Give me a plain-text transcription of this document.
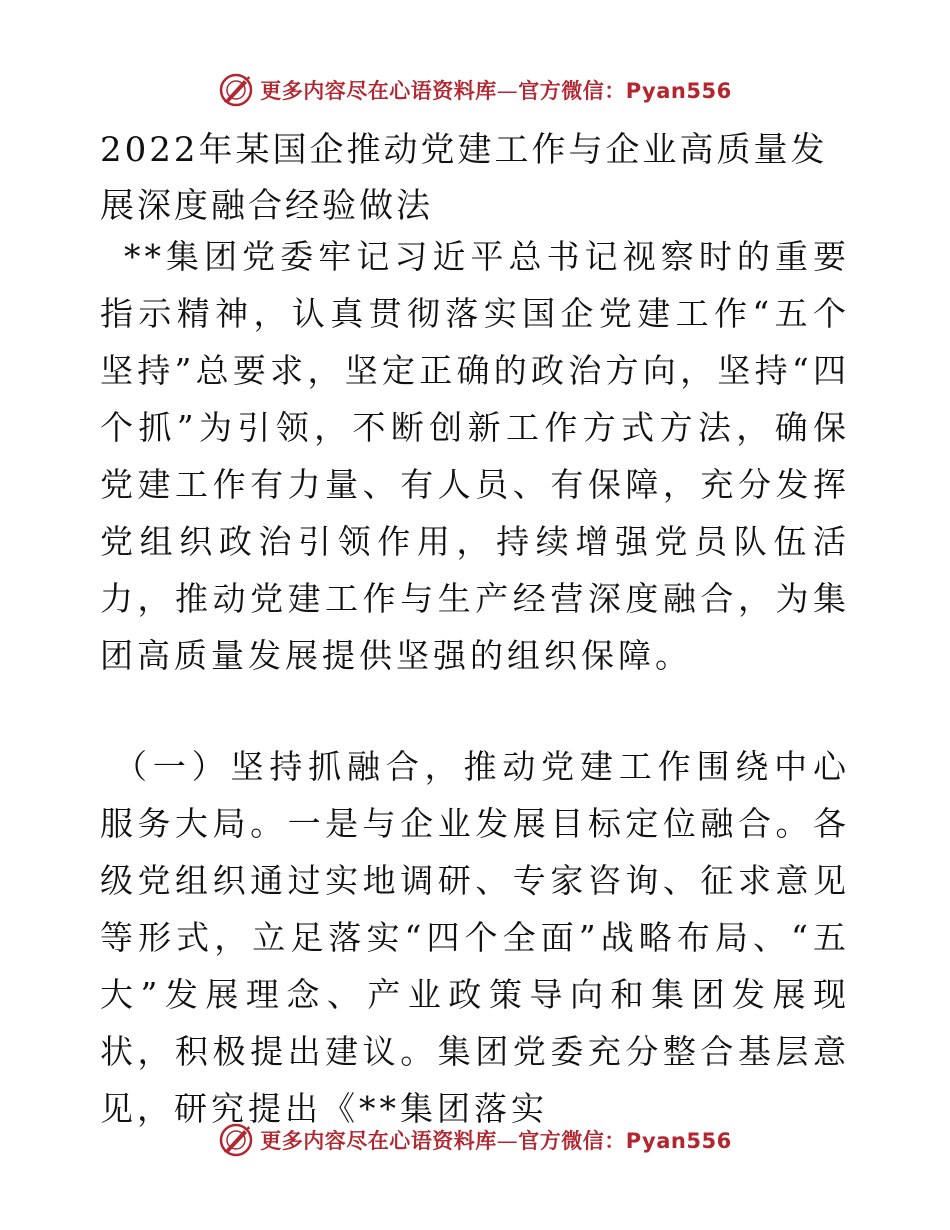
更多内容尽在心语资料库—官方微信：Pyan556
2022年某国企推动党建工作与企业高质量发展深度融合经验做法

**集团党委牢记习近平总书记视察时的重要指示精神，认真贯彻落实国企党建工作“五个坚持”总要求，坚定正确的政治方向，坚持“四个抓”为引领，不断创新工作方式方法，确保党建工作有力量、有人员、有保障，充分发挥党组织政治引领作用，持续增强党员队伍活力，推动党建工作与生产经营深度融合，为集团高质量发展提供坚强的组织保障。

（一）坚持抓融合，推动党建工作围绕中心服务大局。一是与企业发展目标定位融合。各级党组织通过实地调研、专家咨询、征求意见等形式，立足落实“四个全面”战略布局、“五大”发展理念、产业政策导向和集团发展现状，积极提出建议。集团党委充分整合基层意见，研究提出《**集团落实

更多内容尽在心语资料库—官方微信：Pyan556
